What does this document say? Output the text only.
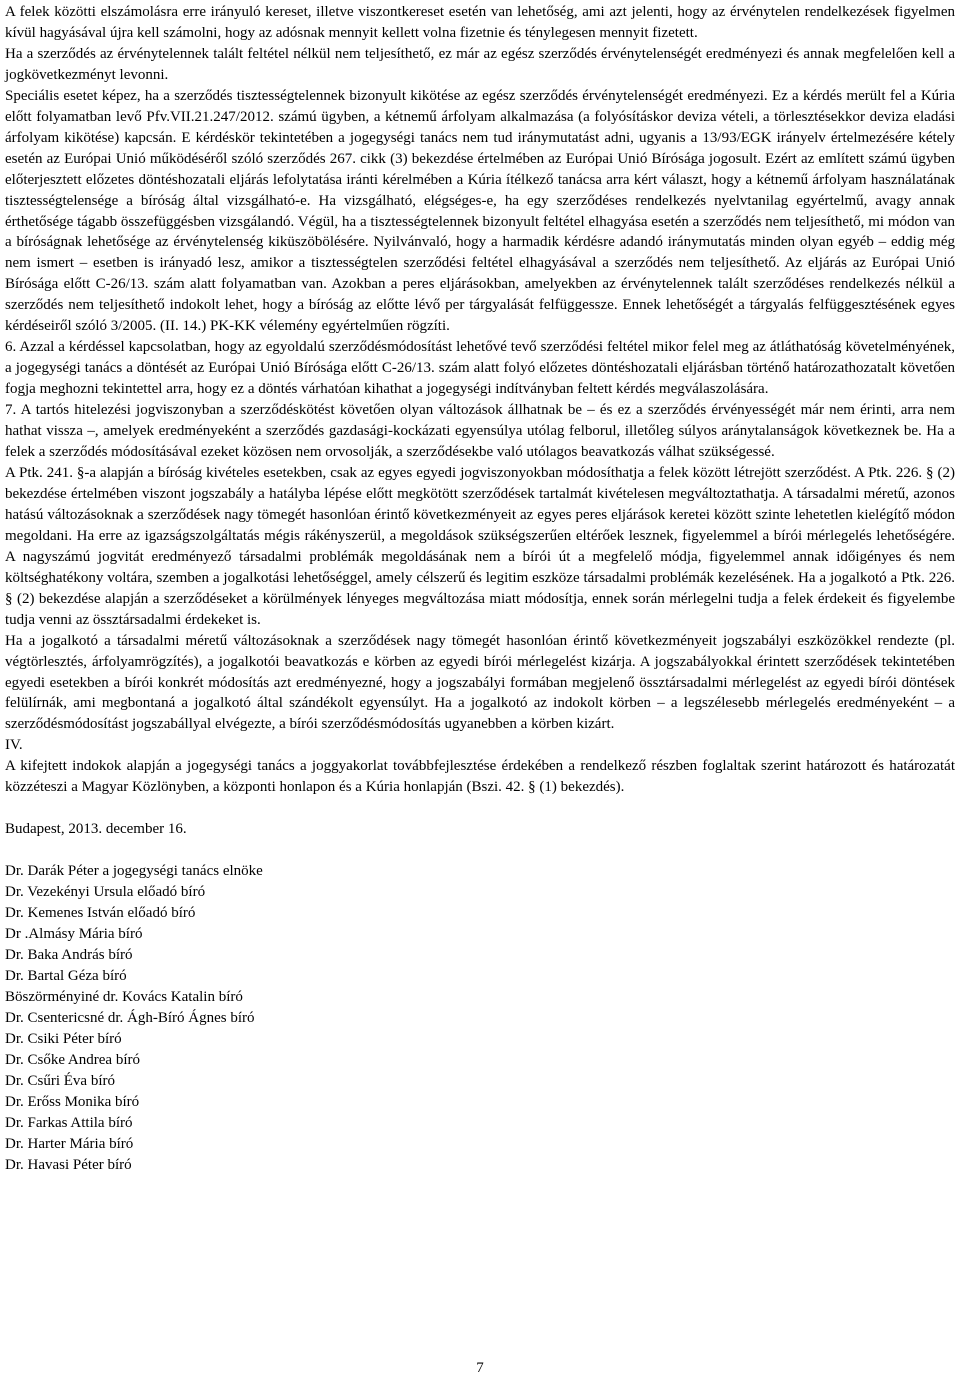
A felek közötti elszámolásra erre irányuló kereset, illetve viszontkereset esetén van lehetőség, ami azt jelenti, hogy az érvénytelen rendelkezések figyelmen kívül hagyásával újra kell számolni, hogy az adósnak mennyit kellett volna fizetnie és ténylegesen mennyit fizetett.

Ha a szerződés az érvénytelennek talált feltétel nélkül nem teljesíthető, ez már az egész szerződés érvénytelenségét eredményezi és annak megfelelően kell a jogkövetkezményt levonni.

Speciális esetet képez, ha a szerződés tisztességtelennek bizonyult kikötése az egész szerződés érvénytelenségét eredményezi. Ez a kérdés merült fel a Kúria előtt folyamatban levő Pfv.VII.21.247/2012. számú ügyben, a kétnemű árfolyam alkalmazása (a folyósításkor deviza vételi, a törlesztésekkor deviza eladási árfolyam kikötése) kapcsán. E kérdéskör tekintetében a jogegységi tanács nem tud iránymutatást adni, ugyanis a 13/93/EGK irányelv értelmezésére kétely esetén az Európai Unió működéséről szóló szerződés 267. cikk (3) bekezdése értelmében az Európai Unió Bírósága jogosult. Ezért az említett számú ügyben előterjesztett előzetes döntéshozatali eljárás lefolytatása iránti kérelmében a Kúria ítélkező tanácsa arra kért választ, hogy a kétnemű árfolyam használatának tisztességtelensége a bíróság által vizsgálható-e. Ha vizsgálható, elégséges-e, ha egy szerződéses rendelkezés nyelvtanilag egyértelmű, avagy annak érthetősége tágabb összefüggésben vizsgálandó. Végül, ha a tisztességtelennek bizonyult feltétel elhagyása esetén a szerződés nem teljesíthető, mi módon van a bíróságnak lehetősége az érvénytelenség kiküszöbölésére. Nyilvánvaló, hogy a harmadik kérdésre adandó iránymutatás minden olyan egyéb – eddig még nem ismert – esetben is irányadó lesz, amikor a tisztességtelen szerződési feltétel elhagyásával a szerződés nem teljesíthető. Az eljárás az Európai Unió Bírósága előtt C-26/13. szám alatt folyamatban van. Azokban a peres eljárásokban, amelyekben az érvénytelennek talált szerződéses rendelkezés nélkül a szerződés nem teljesíthető indokolt lehet, hogy a bíróság az előtte lévő per tárgyalását felfüggessze. Ennek lehetőségét a tárgyalás felfüggesztésének egyes kérdéseiről szóló 3/2005. (II. 14.) PK-KK vélemény egyértelműen rögzíti.

6. Azzal a kérdéssel kapcsolatban, hogy az egyoldalú szerződésmódosítást lehetővé tevő szerződési feltétel mikor felel meg az átláthatóság követelményének, a jogegységi tanács a döntését az Európai Unió Bírósága előtt C-26/13. szám alatt folyó előzetes döntéshozatali eljárásban történő határozathozatalt követően fogja meghozni tekintettel arra, hogy ez a döntés várhatóan kihathat a jogegységi indítványban feltett kérdés megválaszolására.

7. A tartós hitelezési jogviszonyban a szerződéskötést követően olyan változások állhatnak be – és ez a szerződés érvényességét már nem érinti, arra nem hathat vissza –, amelyek eredményeként a szerződés gazdasági-kockázati egyensúlya utólag felborul, illetőleg súlyos aránytalanságok következnek be. Ha a felek a szerződés módosításával ezeket közösen nem orvosolják, a szerződésekbe való utólagos beavatkozás válhat szükségessé.

A Ptk. 241. §-a alapján a bíróság kivételes esetekben, csak az egyes egyedi jogviszonyokban módosíthatja a felek között létrejött szerződést. A Ptk. 226. § (2) bekezdése értelmében viszont jogszabály a hatályba lépése előtt megkötött szerződések tartalmát kivételesen megváltoztathatja. A társadalmi méretű, azonos hatású változásoknak a szerződések nagy tömegét hasonlóan érintő következményeit az egyes peres eljárások keretei között szinte lehetetlen kielégítő módon megoldani. Ha erre az igazságszolgáltatás mégis rákényszerül, a megoldások szükségszerűen eltérőek lesznek, figyelemmel a bírói mérlegelés lehetőségére. A nagyszámú jogvitát eredményező társadalmi problémák megoldásának nem a bírói út a megfelelő módja, figyelemmel annak időigényes és nem költséghatékony voltára, szemben a jogalkotási lehetőséggel, amely célszerű és legitim eszköze társadalmi problémák kezelésének. Ha a jogalkotó a Ptk. 226. § (2) bekezdése alapján a szerződéseket a körülmények lényeges megváltozása miatt módosítja, ennek során mérlegelni tudja a felek érdekeit és figyelembe tudja venni az össztársadalmi érdekeket is.

Ha a jogalkotó a társadalmi méretű változásoknak a szerződések nagy tömegét hasonlóan érintő következményeit jogszabályi eszközökkel rendezte (pl. végtörlesztés, árfolyamrögzítés), a jogalkotói beavatkozás e körben az egyedi bírói mérlegelést kizárja. A jogszabályokkal érintett szerződések tekintetében egyedi esetekben a bírói konkrét módosítás azt eredményezné, hogy a jogszabályi formában megjelenő össztársadalmi mérlegelést az egyedi bírói döntések felülírnák, ami megbontaná a jogalkotó által szándékolt egyensúlyt. Ha a jogalkotó az indokolt körben – a legszélesebb mérlegelés eredményeként – a szerződésmódosítást jogszabállyal elvégezte, a bírói szerződésmódosítás ugyanebben a körben kizárt.

IV.

A kifejtett indokok alapján a jogegységi tanács a joggyakorlat továbbfejlesztése érdekében a rendelkező részben foglaltak szerint határozott és határozatát közzéteszi a Magyar Közlönyben, a központi honlapon és a Kúria honlapján (Bszi. 42. § (1) bekezdés).

Budapest, 2013. december 16.

Dr. Darák Péter a jogegységi tanács elnöke

Dr. Vezekényi Ursula előadó bíró

Dr. Kemenes István előadó bíró

Dr .Almásy Mária bíró

Dr. Baka András bíró

Dr. Bartal Géza bíró

Böszörményiné dr. Kovács Katalin bíró

Dr. Csentericsné dr. Ágh-Bíró Ágnes bíró

Dr. Csiki Péter bíró

Dr. Csőke Andrea bíró

Dr. Csűri Éva bíró

Dr. Erőss Monika bíró

Dr. Farkas Attila bíró

Dr. Harter Mária bíró

Dr. Havasi Péter bíró

7
